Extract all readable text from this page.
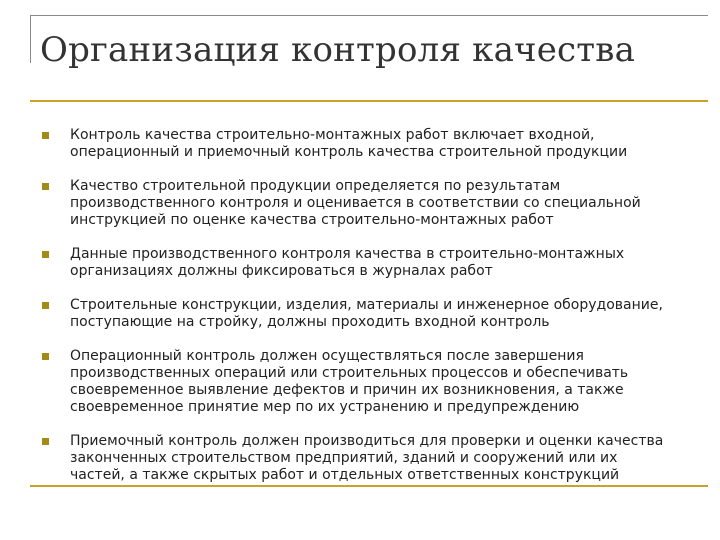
Организация контроля качества
Контроль качества строительно-монтажных работ включает входной, операционный и приемочный контроль качества строительной продукции
Качество строительной продукции определяется по результатам производственного контроля и оценивается в соответствии со специальной инструкцией по оценке качества строительно-монтажных работ
Данные производственного контроля качества в строительно-монтажных организациях должны фиксироваться в журналах работ
Строительные конструкции, изделия, материалы и инженерное оборудование, поступающие на стройку, должны проходить входной контроль
Операционный контроль должен осуществляться после завершения производственных операций или строительных процессов и обеспечивать своевременное выявление дефектов и причин их возникновения, а также своевременное принятие мер по их устранению и предупреждению
Приемочный контроль должен производиться для проверки и оценки качества законченных строительством предприятий, зданий и сооружений или их частей, а также скрытых работ и отдельных ответственных конструкций
